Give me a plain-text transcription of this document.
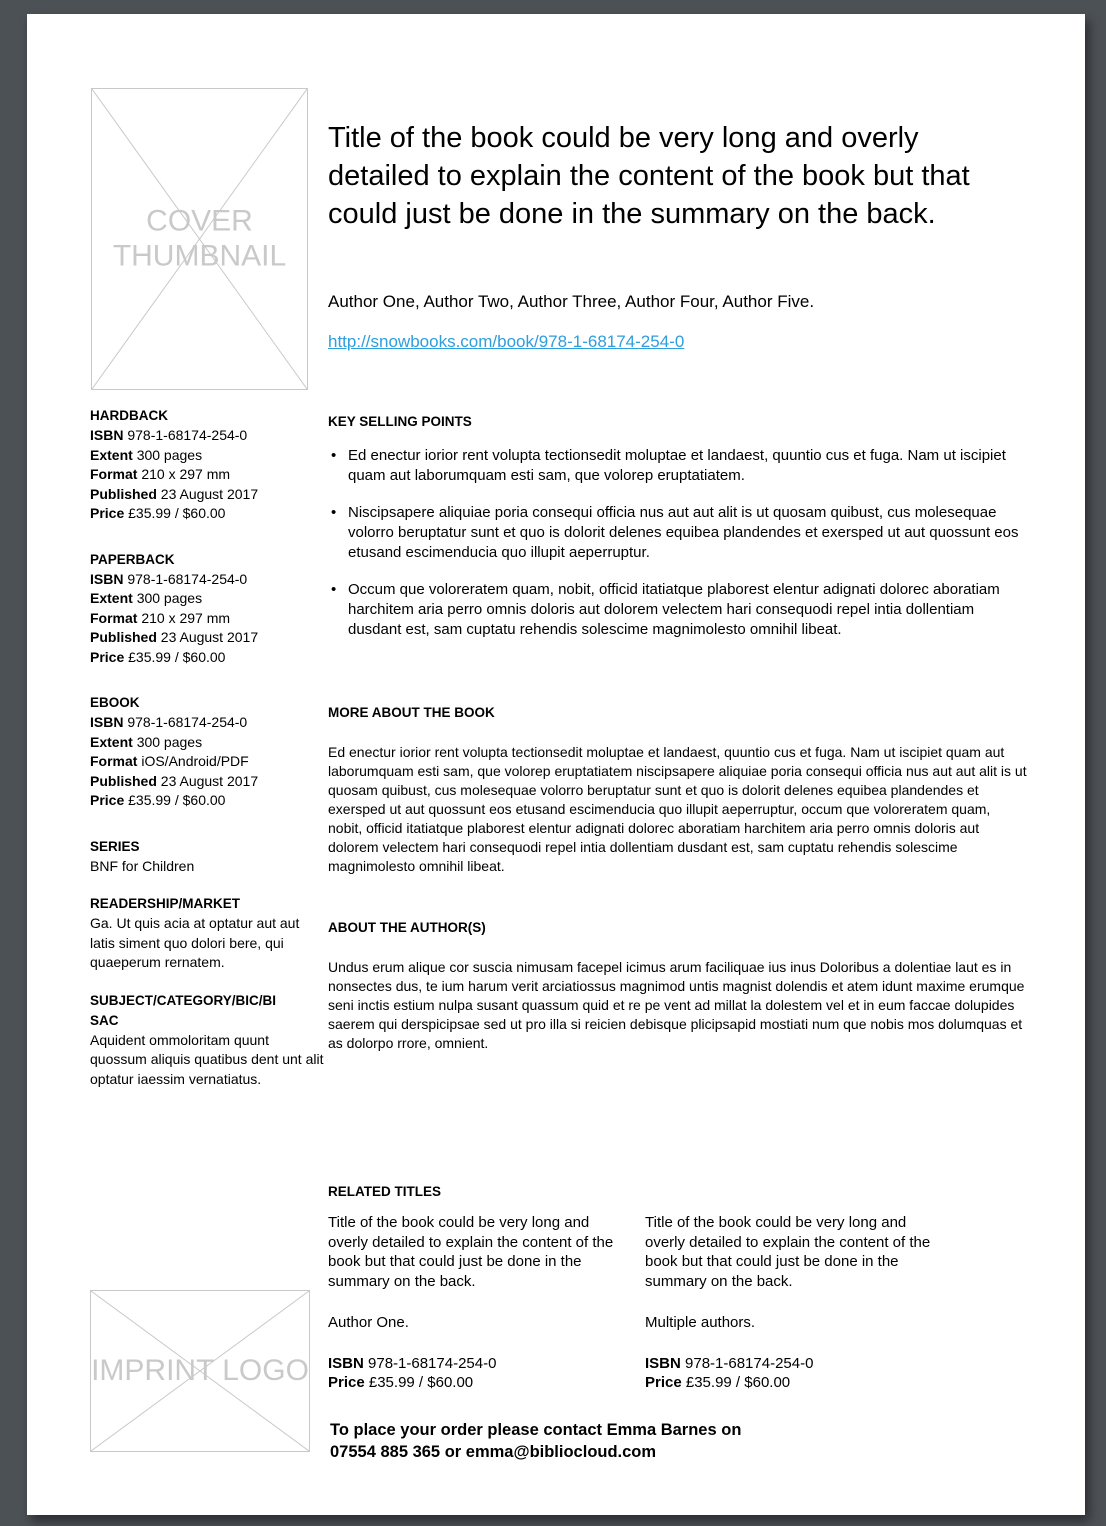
COVER THUMBNAIL
Title of the book could be very long and overly detailed to explain the content of the book but that could just be done in the summary on the back.
Author One, Author Two, Author Three, Author Four, Author Five.
http://snowbooks.com/book/978-1-68174-254-0
HARDBACK
ISBN 978-1-68174-254-0
Extent 300 pages
Format 210 x 297 mm
Published 23 August 2017
Price £35.99 / $60.00
PAPERBACK
ISBN 978-1-68174-254-0
Extent 300 pages
Format 210 x 297 mm
Published 23 August 2017
Price £35.99 / $60.00
EBOOK
ISBN 978-1-68174-254-0
Extent 300 pages
Format iOS/Android/PDF
Published 23 August 2017
Price £35.99 / $60.00
SERIES
BNF for Children
READERSHIP/MARKET
Ga. Ut quis acia at optatur aut aut latis siment quo dolori bere, qui quaeperum rernatem.
SUBJECT/CATEGORY/BIC/BISAC
Aquident ommoloritam quunt quossum aliquis quatibus dent unt alit optatur iaessim vernatiatus.
KEY SELLING POINTS
• Ed enectur iorior rent volupta tectionsedit moluptae et landaest, quuntio cus et fuga. Nam ut iscipiet quam aut laborumquam esti sam, que volorep eruptatiatem.
• Niscipsapere aliquiae poria consequi officia nus aut aut alit is ut quosam quibust, cus molesequae volorro beruptatur sunt et quo is dolorit delenes equibea plandendes et exersped ut aut quossunt eos etusand escimenducia quo illupit aeperruptur.
• Occum que voloreratem quam, nobit, officid itatiatque plaborest elentur adignati dolorec aboratiam harchitem aria perro omnis doloris aut dolorem velectem hari consequodi repel intia dollentiam dusdant est, sam cuptatu rehendis solescime magnimolesto omnihil libeat.
MORE ABOUT THE BOOK

Ed enectur iorior rent volupta tectionsedit moluptae et landaest, quuntio cus et fuga. Nam ut iscipiet quam aut laborumquam esti sam, que volorep eruptatiatem niscipsapere aliquiae poria consequi officia nus aut aut alit is ut quosam quibust, cus molesequae volorro beruptatur sunt et quo is dolorit delenes equibea plandendes et exersped ut aut quossunt eos etusand escimenducia quo illupit aeperruptur, occum que voloreratem quam, nobit, officid itatiatque plaborest elentur adignati dolorec aboratiam harchitem aria perro omnis doloris aut dolorem velectem hari consequodi repel intia dollentiam dusdant est, sam cuptatu rehendis solescime magnimolesto omnihil libeat.

ABOUT THE AUTHOR(S)

Undus erum alique cor suscia nimusam facepel icimus arum faciliquae ius inus Doloribus a dolentiae laut es in nonsectes dus, te ium harum verit arciatiossus magnimod untis magnist dolendis et atem idunt maxime erumque seni inctis estium nulpa susant quassum quid et re pe vent ad millat la dolestem vel et in eum faccae dolupides saerem qui derspicipsae sed ut pro illa si reicien debisque plicipsapid mostiati num que nobis mos dolumquas et as dolorpo rrore, omnient.

RELATED TITLES
Title of the book could be very long and overly detailed to explain the content of the book but that could just be done in the summary on the back.
Author One.
ISBN 978-1-68174-254-0
Price £35.99 / $60.00
Title of the book could be very long and overly detailed to explain the content of the book but that could just be done in the summary on the back.
Multiple authors.
ISBN 978-1-68174-254-0
Price £35.99 / $60.00
IMPRINT LOGO
To place your order please contact Emma Barnes on 07554 885 365 or emma@bibliocloud.com
